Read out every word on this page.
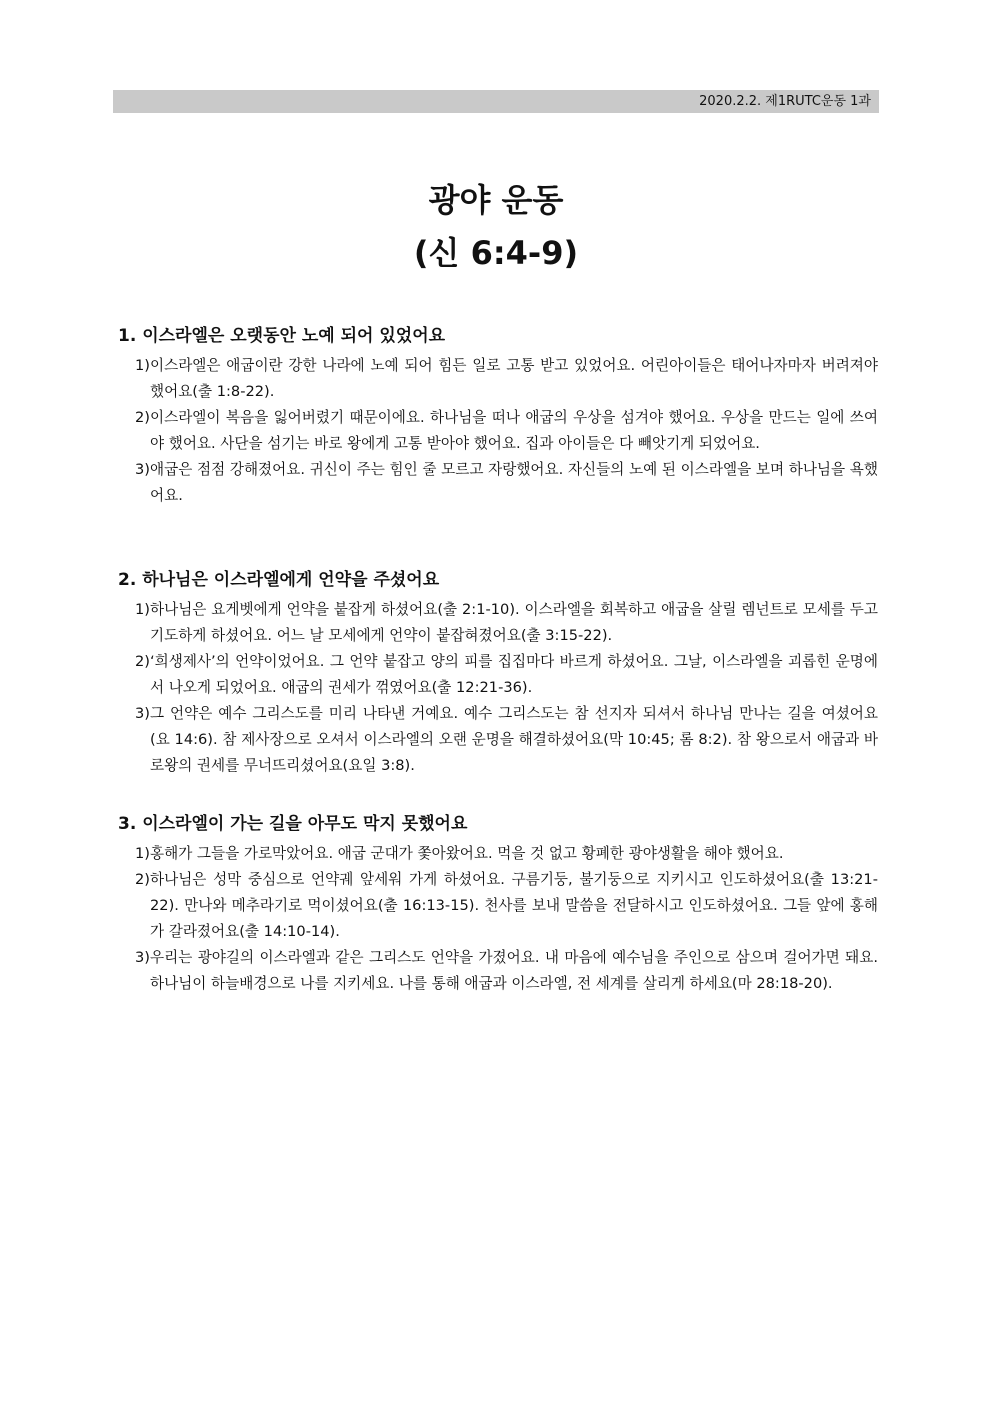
2020.2.2. 제1RUTC운동 1과
광야 운동
(신 6:4-9)
1. 이스라엘은 오랫동안 노예 되어 있었어요
1) 이스라엘은 애굽이란 강한 나라에 노예 되어 힘든 일로 고통 받고 있었어요. 어린아이들은 태어나자마자 버려져야 했어요(출 1:8-22).
2) 이스라엘이 복음을 잃어버렸기 때문이에요. 하나님을 떠나 애굽의 우상을 섬겨야 했어요. 우상을 만드는 일에 쓰여야 했어요. 사단을 섬기는 바로 왕에게 고통 받아야 했어요. 집과 아이들은 다 빼앗기게 되었어요.
3) 애굽은 점점 강해졌어요. 귀신이 주는 힘인 줄 모르고 자랑했어요. 자신들의 노예 된 이스라엘을 보며 하나님을 욕했어요.
2. 하나님은 이스라엘에게 언약을 주셨어요
1) 하나님은 요게벳에게 언약을 붙잡게 하셨어요(출 2:1-10). 이스라엘을 회복하고 애굽을 살릴 렘넌트로 모세를 두고 기도하게 하셨어요. 어느 날 모세에게 언약이 붙잡혀졌어요(출 3:15-22).
2) ‘희생제사’의 언약이었어요. 그 언약 붙잡고 양의 피를 집집마다 바르게 하셨어요. 그날, 이스라엘을 괴롭힌 운명에서 나오게 되었어요. 애굽의 권세가 꺾였어요(출 12:21-36).
3) 그 언약은 예수 그리스도를 미리 나타낸 거예요. 예수 그리스도는 참 선지자 되셔서 하나님 만나는 길을 여셨어요(요 14:6). 참 제사장으로 오셔서 이스라엘의 오랜 운명을 해결하셨어요(막 10:45; 롬 8:2). 참 왕으로서 애굽과 바로왕의 권세를 무너뜨리셨어요(요일 3:8).
3. 이스라엘이 가는 길을 아무도 막지 못했어요
1) 홍해가 그들을 가로막았어요. 애굽 군대가 쫓아왔어요. 먹을 것 없고 황폐한 광야생활을 해야 했어요.
2) 하나님은 성막 중심으로 언약궤 앞세워 가게 하셨어요. 구름기둥, 불기둥으로 지키시고 인도하셨어요(출 13:21-22). 만나와 메추라기로 먹이셨어요(출 16:13-15). 천사를 보내 말씀을 전달하시고 인도하셨어요. 그들 앞에 홍해가 갈라졌어요(출 14:10-14).
3) 우리는 광야길의 이스라엘과 같은 그리스도 언약을 가졌어요. 내 마음에 예수님을 주인으로 삼으며 걸어가면 돼요. 하나님이 하늘배경으로 나를 지키세요. 나를 통해 애굽과 이스라엘, 전 세계를 살리게 하세요(마 28:18-20).
